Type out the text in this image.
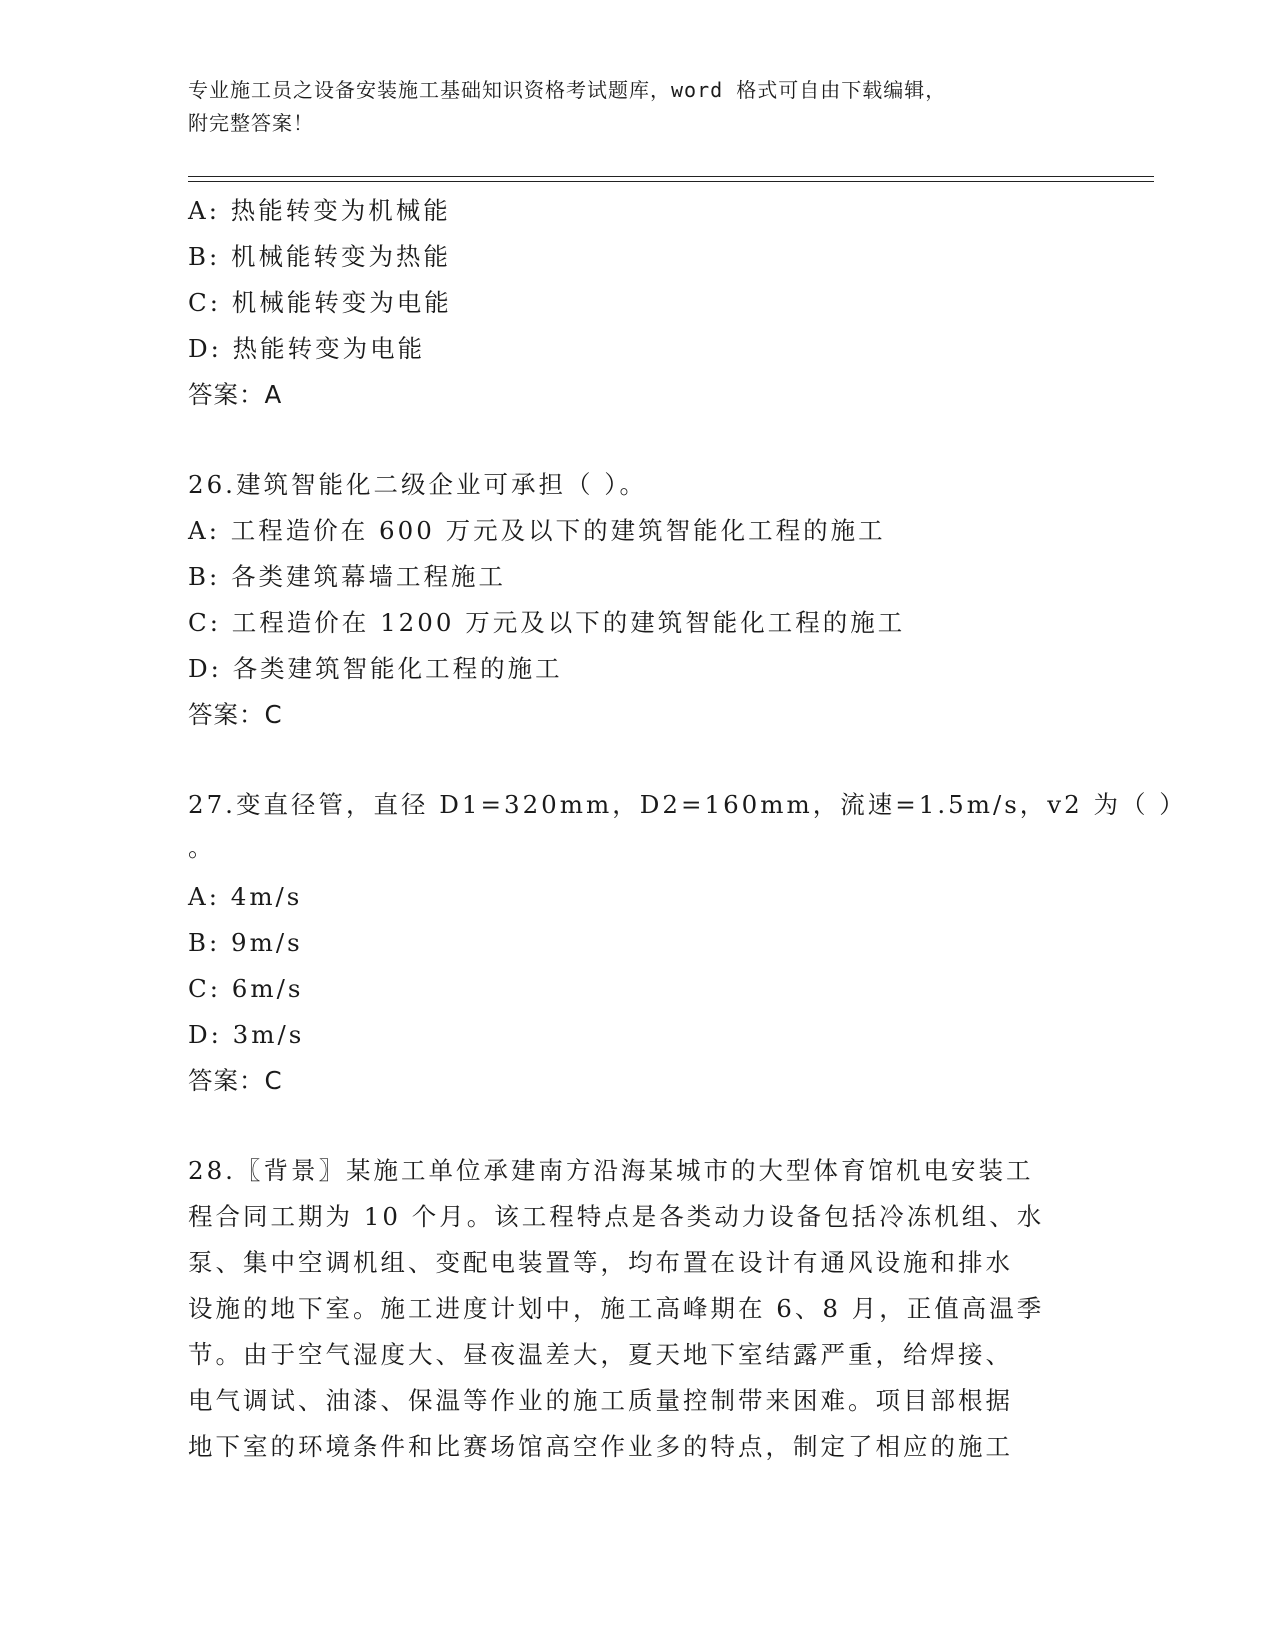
专业施工员之设备安装施工基础知识资格考试题库，word 格式可自由下载编辑，
附完整答案！
A: 热能转变为机械能
B: 机械能转变为热能
C: 机械能转变为电能
D: 热能转变为电能
答案：A
26.建筑智能化二级企业可承担（ ）。
A: 工程造价在 600 万元及以下的建筑智能化工程的施工
B: 各类建筑幕墙工程施工
C: 工程造价在 1200 万元及以下的建筑智能化工程的施工
D: 各类建筑智能化工程的施工
答案：C
27.变直径管，直径 D1=320mm，D2=160mm，流速=1.5m/s，v2 为（ ）
。
A: 4m/s
B: 9m/s
C: 6m/s
D: 3m/s
答案：C
28.〖背景〗某施工单位承建南方沿海某城市的大型体育馆机电安装工
程合同工期为 10 个月。该工程特点是各类动力设备包括冷冻机组、水
泵、集中空调机组、变配电装置等，均布置在设计有通风设施和排水
设施的地下室。施工进度计划中，施工高峰期在 6、8 月，正值高温季
节。由于空气湿度大、昼夜温差大，夏天地下室结露严重，给焊接、
电气调试、油漆、保温等作业的施工质量控制带来困难。项目部根据
地下室的环境条件和比赛场馆高空作业多的特点，制定了相应的施工
